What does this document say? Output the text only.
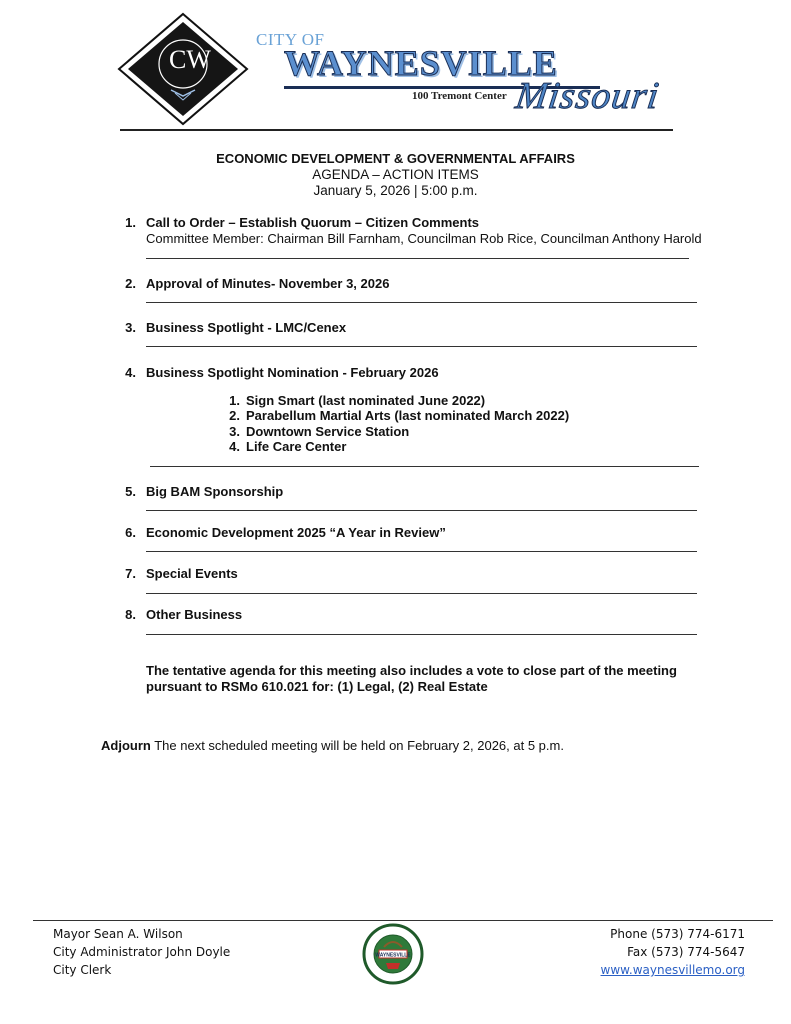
CW
CITY OF
WAYNESVILLE
100 Tremont Center Missouri
ECONOMIC DEVELOPMENT & GOVERNMENTAL AFFAIRS
AGENDA – ACTION ITEMS
January 5, 2026 | 5:00 p.m.
1. Call to Order – Establish Quorum – Citizen Comments
Committee Member: Chairman Bill Farnham, Councilman Rob Rice, Councilman Anthony Harold
2. Approval of Minutes- November 3, 2026
3. Business Spotlight - LMC/Cenex
4. Business Spotlight Nomination - February 2026
1. Sign Smart (last nominated June 2022)
2. Parabellum Martial Arts (last nominated March 2022)
3. Downtown Service Station
4. Life Care Center
5. Big BAM Sponsorship
6. Economic Development 2025 “A Year in Review”
7. Special Events
8. Other Business
The tentative agenda for this meeting also includes a vote to close part of the meeting pursuant to RSMo 610.021 for: (1) Legal, (2) Real Estate
Adjourn The next scheduled meeting will be held on February 2, 2026, at 5 p.m.
Mayor Sean A. Wilson
City Administrator John Doyle
City Clerk
WAYNESVILLE
Phone (573) 774-6171
Fax (573) 774-5647
www.waynesvillemo.org
